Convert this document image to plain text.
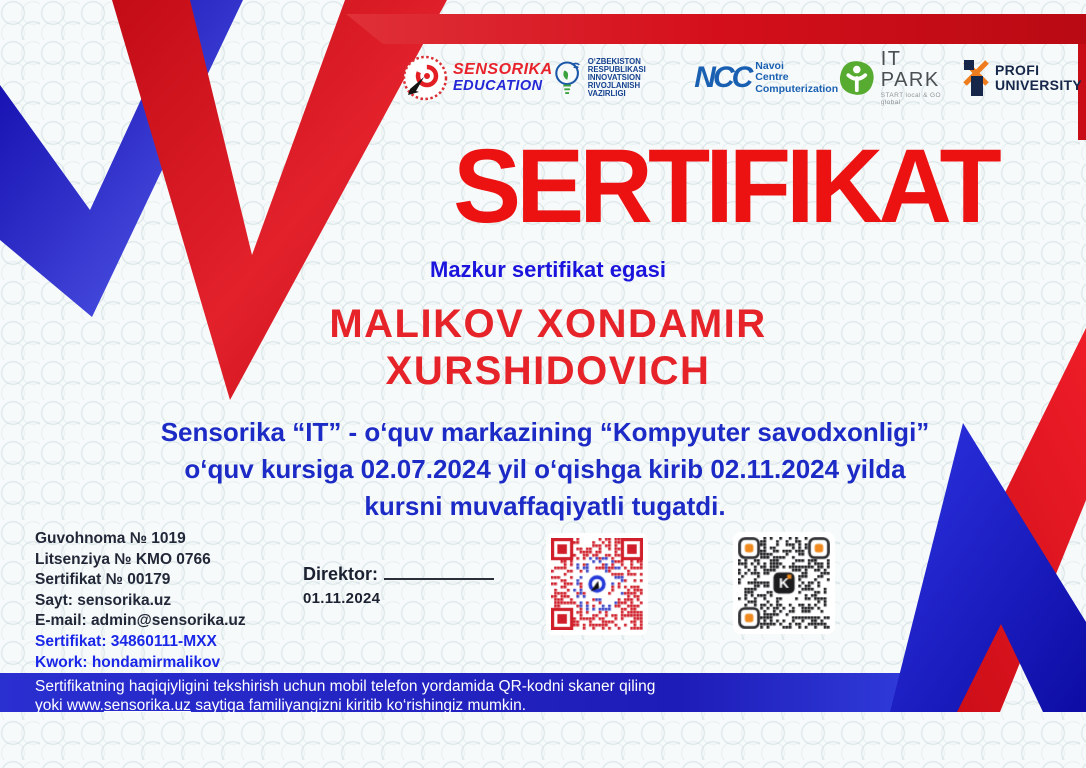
SENSORIKA
EDUCATION
O‘ZBEKISTON RESPUBLIKASI
INNOVATSION RIVOJLANISH
VAZIRLIGI	NCC Navoi
Centre
Computerization
IT PARK
START local & GO global
PROFI
UNIVERSITY
SERTIFIKAT
Mazkur sertifikat egasi
MALIKOV XONDAMIR
XURSHIDOVICH
Sensorika “IT” - o‘quv markazining “Kompyuter savodxonligi”
o‘quv kursiga 02.07.2024 yil o‘qishga kirib 02.11.2024 yilda
kursni muvaffaqiyatli tugatdi.

Guvohnoma № 1019

Litsenziya № KMO 0766

Sertifikat № 00179

Sayt: sensorika.uz

E-mail: admin@sensorika.uz

Sertifikat: 34860111-MXX

Kwork: hondamirmalikov

Direktor:
01.11.2024
Sertifikatning haqiqiyligini tekshirish uchun mobil telefon yordamida QR-kodni skaner qiling
yoki www.sensorika.uz saytiga familiyangizni kiritib ko‘rishingiz mumkin.
